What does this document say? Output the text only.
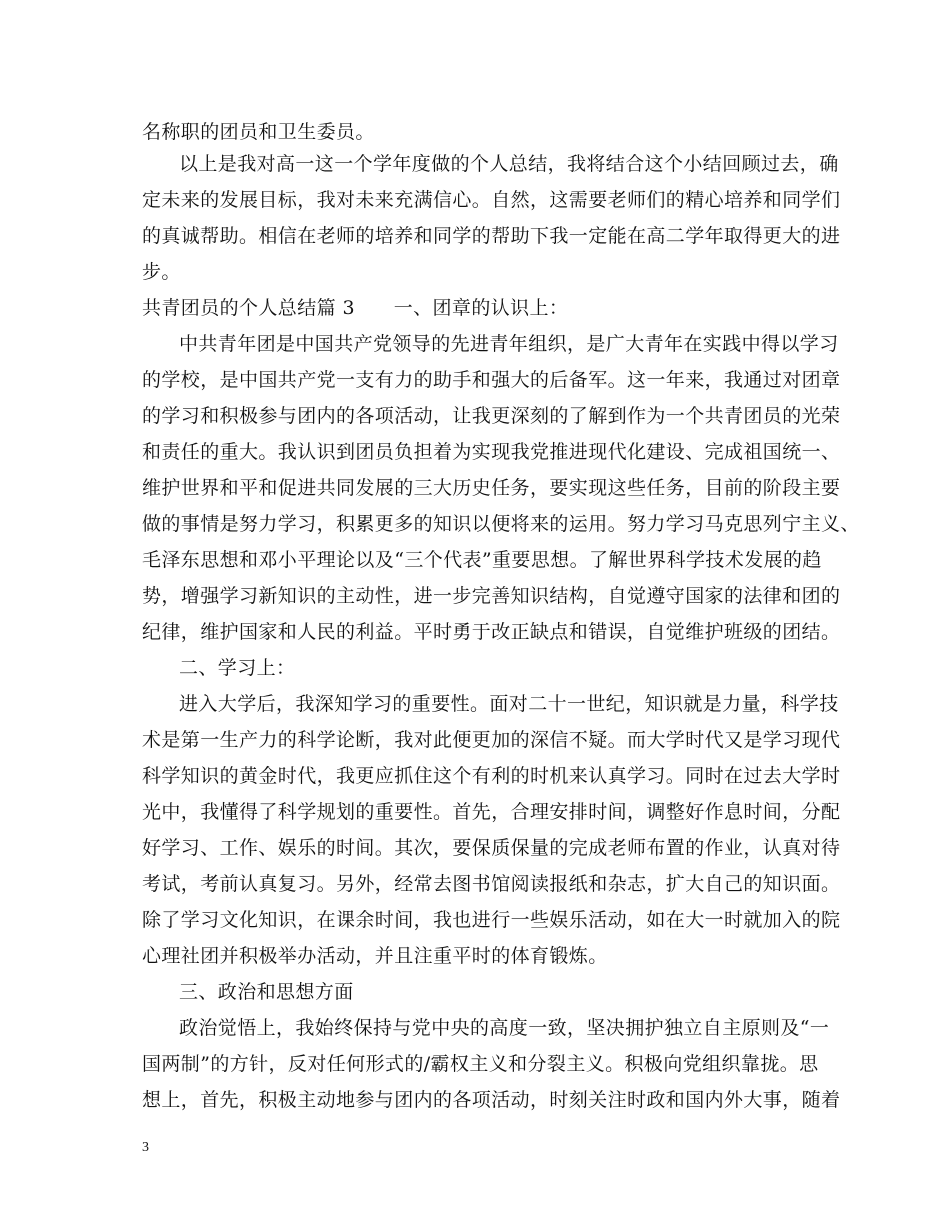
名称职的团员和卫生委员。
以上是我对高一这一个学年度做的个人总结，我将结合这个小结回顾过去，确
定未来的发展目标，我对未来充满信心。自然，这需要老师们的精心培养和同学们
的真诚帮助。相信在老师的培养和同学的帮助下我一定能在高二学年取得更大的进
步。
共青团员的个人总结篇 3　　一、团章的认识上：
中共青年团是中国共产党领导的先进青年组织，是广大青年在实践中得以学习
的学校，是中国共产党一支有力的助手和强大的后备军。这一年来，我通过对团章
的学习和积极参与团内的各项活动，让我更深刻的了解到作为一个共青团员的光荣
和责任的重大。我认识到团员负担着为实现我党推进现代化建设、完成祖国统一、
维护世界和平和促进共同发展的三大历史任务，要实现这些任务，目前的阶段主要
做的事情是努力学习，积累更多的知识以便将来的运用。努力学习马克思列宁主义、
毛泽东思想和邓小平理论以及“三个代表”重要思想。了解世界科学技术发展的趋
势，增强学习新知识的主动性，进一步完善知识结构，自觉遵守国家的法律和团的
纪律，维护国家和人民的利益。平时勇于改正缺点和错误，自觉维护班级的团结。
二、学习上：
进入大学后，我深知学习的重要性。面对二十一世纪，知识就是力量，科学技
术是第一生产力的科学论断，我对此便更加的深信不疑。而大学时代又是学习现代
科学知识的黄金时代，我更应抓住这个有利的时机来认真学习。同时在过去大学时
光中，我懂得了科学规划的重要性。首先，合理安排时间，调整好作息时间，分配
好学习、工作、娱乐的时间。其次，要保质保量的完成老师布置的作业，认真对待
考试，考前认真复习。另外，经常去图书馆阅读报纸和杂志，扩大自己的知识面。
除了学习文化知识，在课余时间，我也进行一些娱乐活动，如在大一时就加入的院
心理社团并积极举办活动，并且注重平时的体育锻炼。
三、政治和思想方面
政治觉悟上，我始终保持与党中央的高度一致，坚决拥护独立自主原则及“一
国两制”的方针，反对任何形式的/霸权主义和分裂主义。积极向党组织靠拢。思
想上，首先，积极主动地参与团内的各项活动，时刻关注时政和国内外大事，随着
3
